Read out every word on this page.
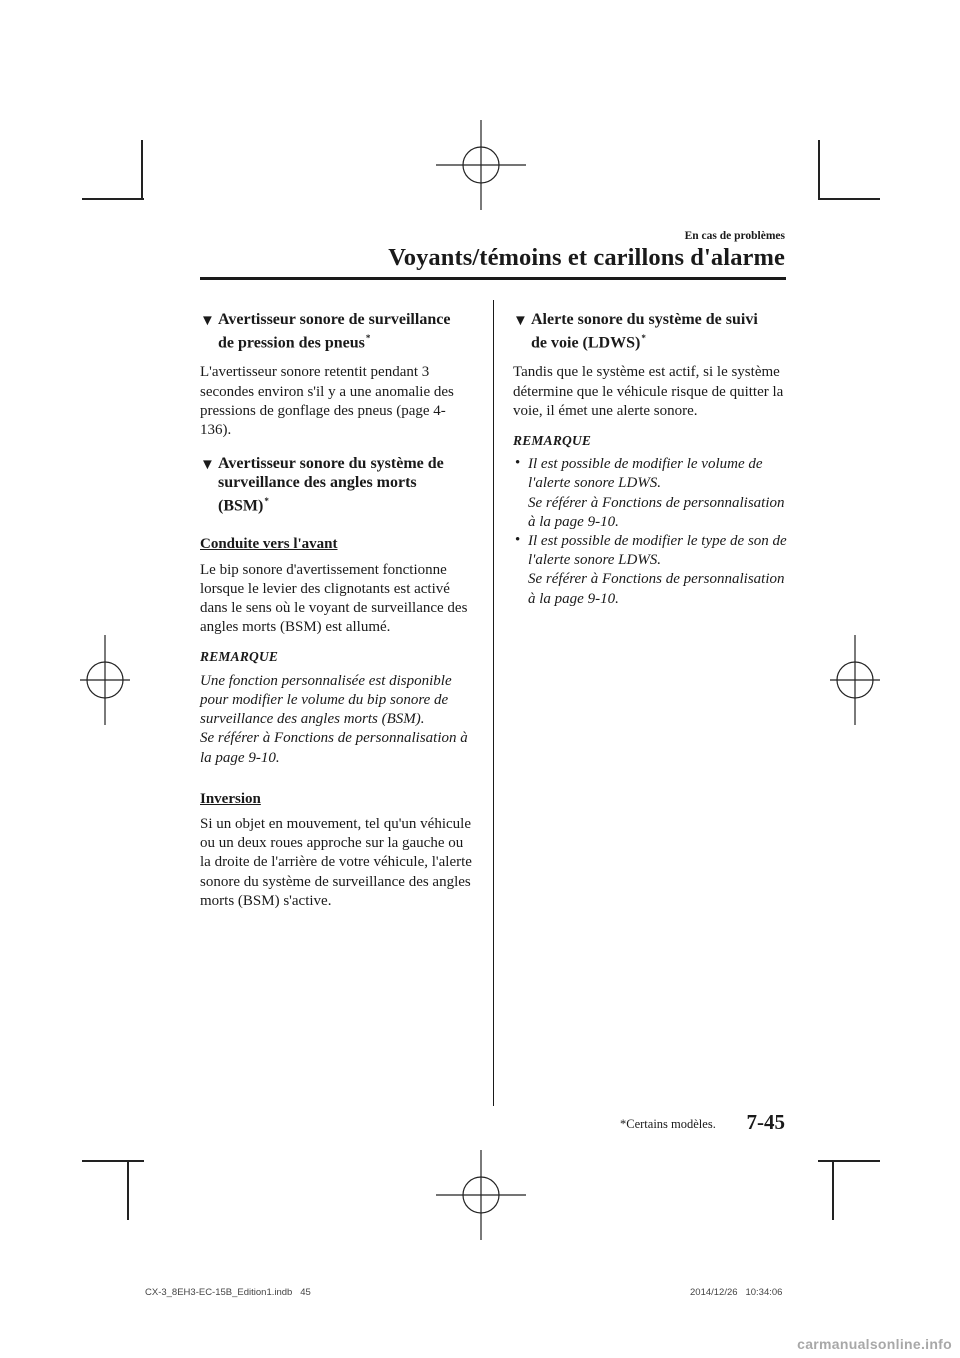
En cas de problèmes
Voyants/témoins et carillons d'alarme
▼ Avertisseur sonore de surveillance
de pression des pneus*

L'avertisseur sonore retentit pendant 3 secondes environ s'il y a une anomalie des pressions de gonflage des pneus (page 4-136).

▼ Avertisseur sonore du système de
surveillance des angles morts
(BSM)*
Conduite vers l'avant

Le bip sonore d'avertissement fonctionne lorsque le levier des clignotants est activé dans le sens où le voyant de surveillance des angles morts (BSM) est allumé.

REMARQUE
Une fonction personnalisée est disponible pour modifier le volume du bip sonore de surveillance des angles morts (BSM).
Se référer à Fonctions de personnalisation à la page 9-10.
Inversion

Si un objet en mouvement, tel qu'un véhicule ou un deux roues approche sur la gauche ou la droite de l'arrière de votre véhicule, l'alerte sonore du système de surveillance des angles morts (BSM) s'active.

▼ Alerte sonore du système de suivi
de voie (LDWS)*

Tandis que le système est actif, si le système détermine que le véhicule risque de quitter la voie, il émet une alerte sonore.

REMARQUE
• Il est possible de modifier le volume de l'alerte sonore LDWS.
Se référer à Fonctions de personnalisation à la page 9-10.
• Il est possible de modifier le type de son de l'alerte sonore LDWS.
Se référer à Fonctions de personnalisation à la page 9-10.
*Certains modèles. 7-45
CX-3_8EH3-EC-15B_Edition1.indb   45	2014/12/26   10:34:06
carmanualsonline.info
